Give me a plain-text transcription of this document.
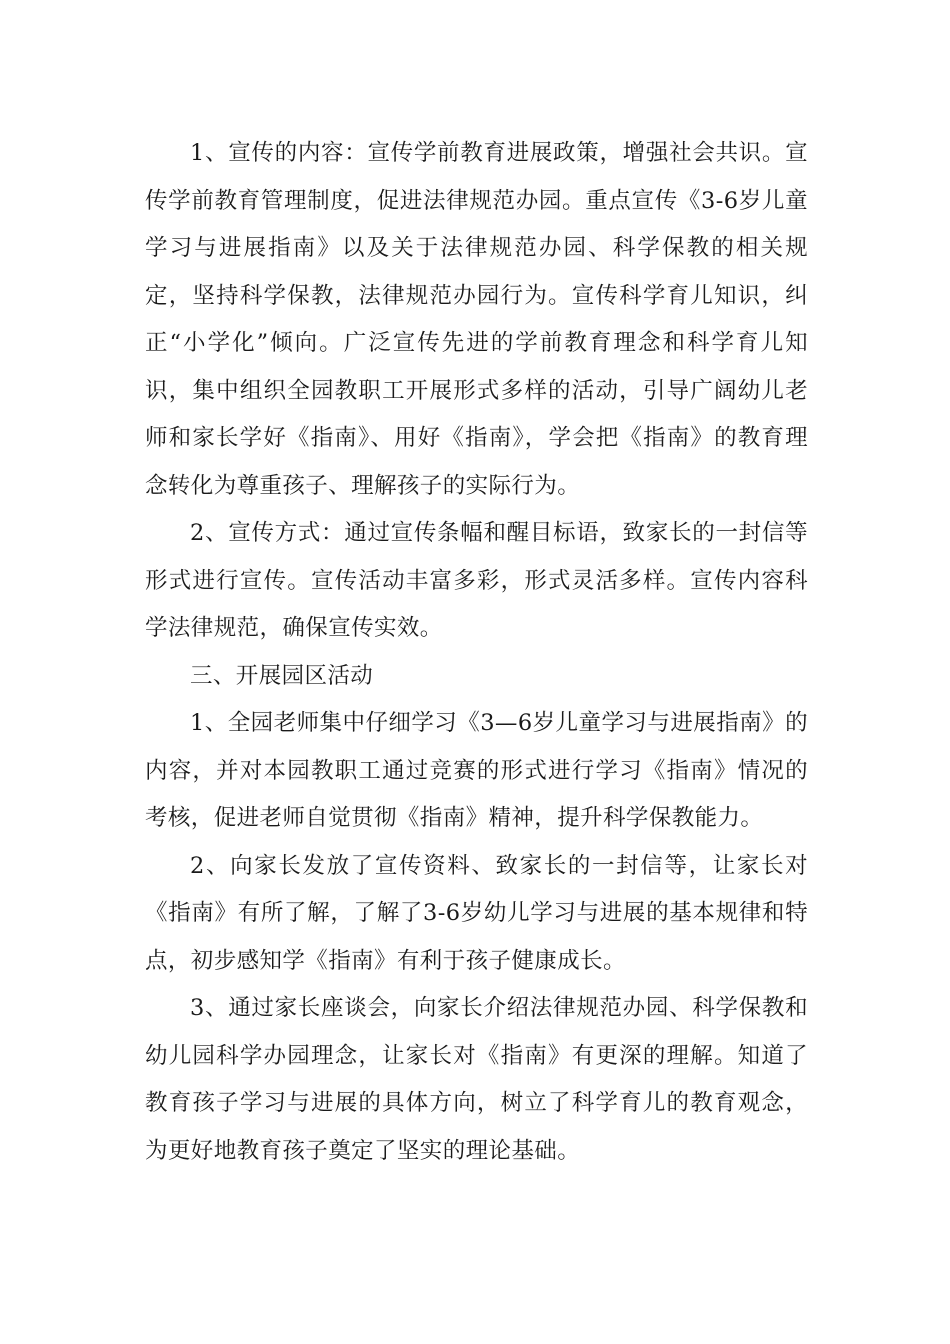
1、宣传的内容：宣传学前教育进展政策，增强社会共识。宣传学前教育管理制度，促进法律规范办园。重点宣传《3-6岁儿童学习与进展指南》以及关于法律规范办园、科学保教的相关规定，坚持科学保教，法律规范办园行为。宣传科学育儿知识，纠正“小学化”倾向。广泛宣传先进的学前教育理念和科学育儿知识，集中组织全园教职工开展形式多样的活动，引导广阔幼儿老师和家长学好《指南》、用好《指南》，学会把《指南》的教育理念转化为尊重孩子、理解孩子的实际行为。

2、宣传方式：通过宣传条幅和醒目标语，致家长的一封信等形式进行宣传。宣传活动丰富多彩，形式灵活多样。宣传内容科学法律规范，确保宣传实效。

三、开展园区活动

1、全园老师集中仔细学习《3—6岁儿童学习与进展指南》的内容，并对本园教职工通过竞赛的形式进行学习《指南》情况的考核，促进老师自觉贯彻《指南》精神，提升科学保教能力。

2、向家长发放了宣传资料、致家长的一封信等，让家长对《指南》有所了解，了解了3-6岁幼儿学习与进展的基本规律和特点，初步感知学《指南》有利于孩子健康成长。

3、通过家长座谈会，向家长介绍法律规范办园、科学保教和幼儿园科学办园理念，让家长对《指南》有更深的理解。知道了教育孩子学习与进展的具体方向，树立了科学育儿的教育观念，为更好地教育孩子奠定了坚实的理论基础。
